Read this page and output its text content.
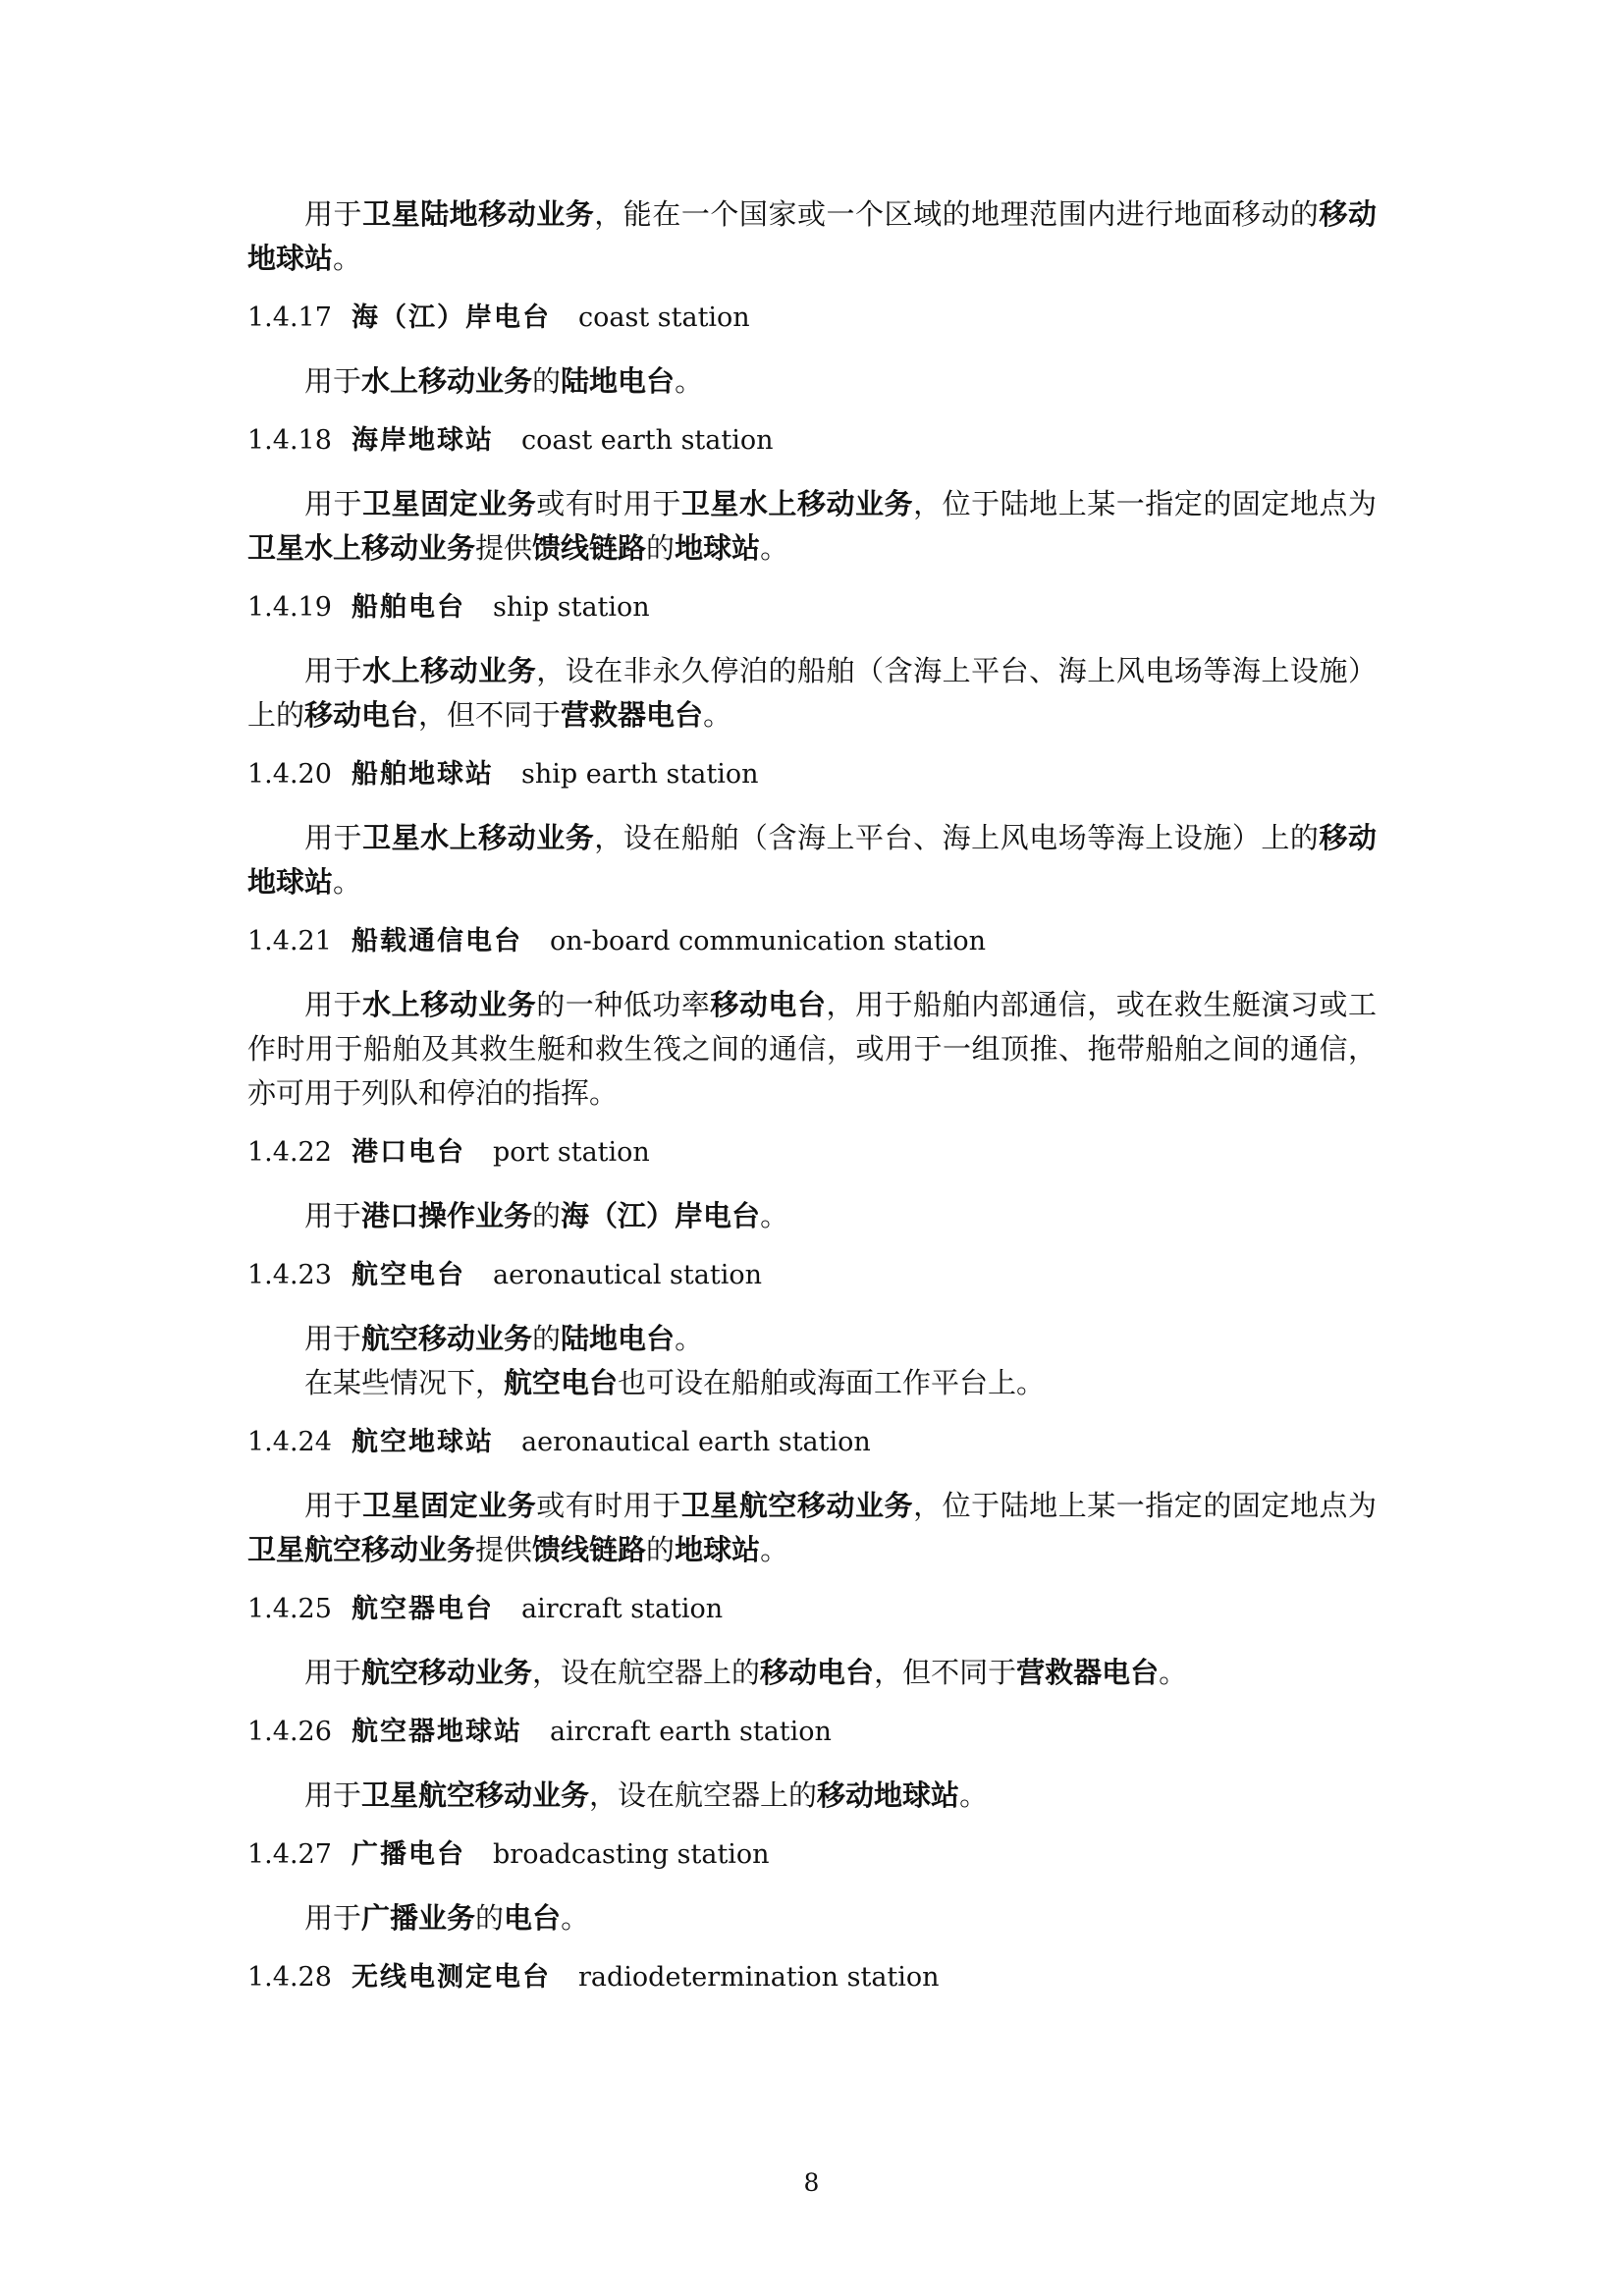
用于卫星陆地移动业务，能在一个国家或一个区域的地理范围内进行地面移动的移动地球站。

1.4.17 海（江）岸电台 coast station

用于水上移动业务的陆地电台。

1.4.18 海岸地球站 coast earth station

用于卫星固定业务或有时用于卫星水上移动业务，位于陆地上某一指定的固定地点为卫星水上移动业务提供馈线链路的地球站。

1.4.19 船舶电台 ship station

用于水上移动业务，设在非永久停泊的船舶（含海上平台、海上风电场等海上设施）上的移动电台，但不同于营救器电台。

1.4.20 船舶地球站 ship earth station

用于卫星水上移动业务，设在船舶（含海上平台、海上风电场等海上设施）上的移动地球站。

1.4.21 船载通信电台 on-board communication station

用于水上移动业务的一种低功率移动电台，用于船舶内部通信，或在救生艇演习或工作时用于船舶及其救生艇和救生筏之间的通信，或用于一组顶推、拖带船舶之间的通信，亦可用于列队和停泊的指挥。

1.4.22 港口电台 port station

用于港口操作业务的海（江）岸电台。

1.4.23 航空电台 aeronautical station

用于航空移动业务的陆地电台。

在某些情况下，航空电台也可设在船舶或海面工作平台上。

1.4.24 航空地球站 aeronautical earth station

用于卫星固定业务或有时用于卫星航空移动业务，位于陆地上某一指定的固定地点为卫星航空移动业务提供馈线链路的地球站。

1.4.25 航空器电台 aircraft station

用于航空移动业务，设在航空器上的移动电台，但不同于营救器电台。

1.4.26 航空器地球站 aircraft earth station

用于卫星航空移动业务，设在航空器上的移动地球站。

1.4.27 广播电台 broadcasting station

用于广播业务的电台。

1.4.28 无线电测定电台 radiodetermination station
8
